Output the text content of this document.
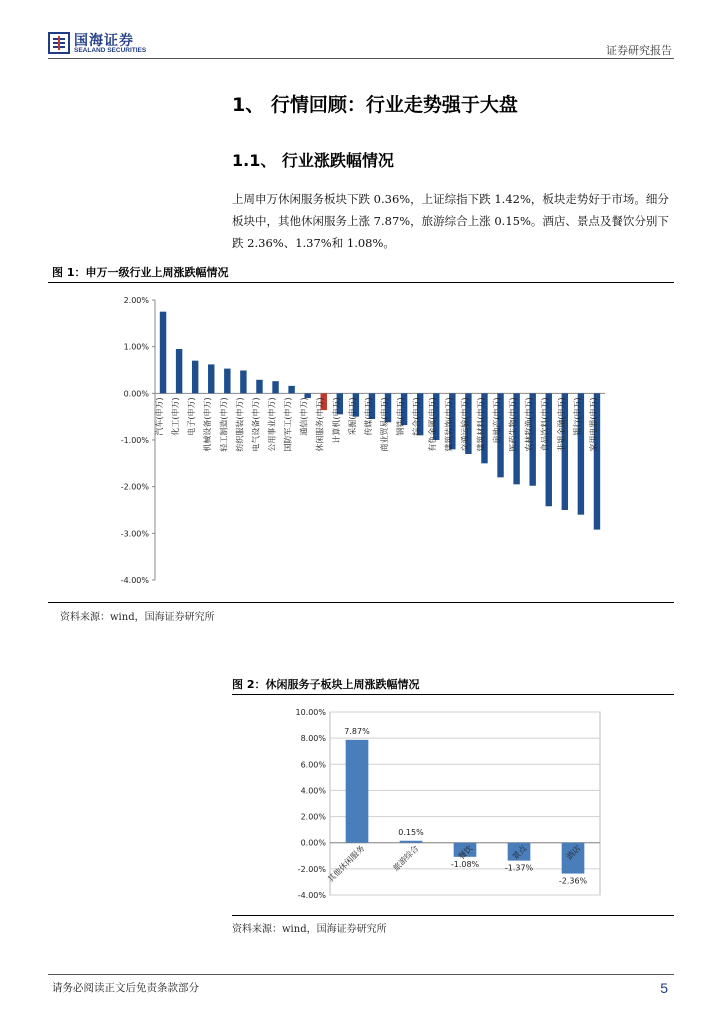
国海证券
SEALAND SECURITIES	证券研究报告
1、 行情回顾：行业走势强于大盘
1.1、 行业涨跌幅情况
上周申万休闲服务板块下跌 0.36%，上证综指下跌 1.42%，板块走势好于市场。细分板块中，其他休闲服务上涨 7.87%，旅游综合上涨 0.15%。酒店、景点及餐饮分别下跌 2.36%、1.37%和 1.08%。
图 1：申万一级行业上周涨跌幅情况
2.00%
1.00%
0.00%
-1.00%
-2.00%
-3.00%
-4.00%
汽车(申万) 化工(申万) 电子(申万) 机械设备(申万) 轻工制造(申万) 纺织服装(申万) 电气设备(申万) 公用事业(申万) 国防军工(申万) 通信(申万) 休闲服务(申万) 计算机(申万) 采掘(申万) 传媒(申万) 商业贸易(申万) 钢铁(申万) 综合(申万) 有色金属(申万) 建筑装饰(申万) 交通运输(申万) 建筑材料(申万) 房地产(申万) 医药生物(申万) 农林牧渔(申万) 食品饮料(申万) 非银金融(申万) 银行(申万) 家用电器(申万)
资料来源：wind，国海证券研究所
图 2：休闲服务子板块上周涨跌幅情况
10.00%
8.00%
6.00%
4.00%
2.00%
0.00%
-2.00%
-4.00%
7.87%
其他休闲服务
0.15%
旅游综合	-1.08%
餐饮
-1.37%
景点
-2.36%
酒店
资料来源：wind，国海证券研究所
请务必阅读正文后免责条款部分	5
